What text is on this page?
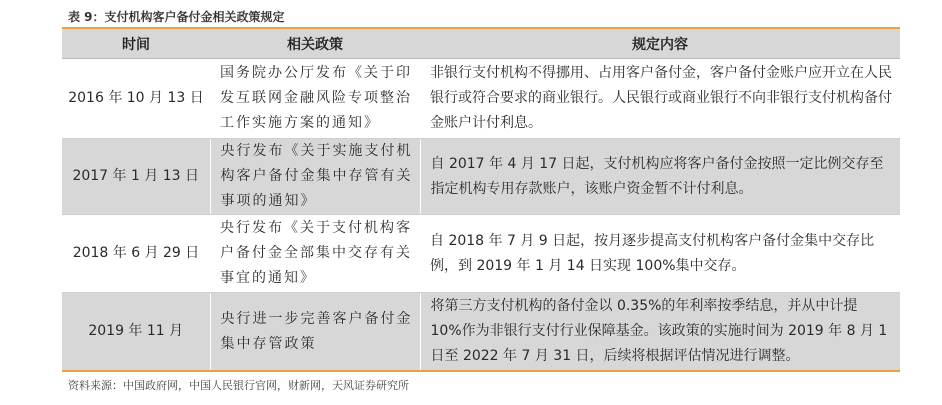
表 9：支付机构客户备付金相关政策规定
时间	相关政策	规定内容
2016 年 10 月 13 日	国务院办公厅发布《关于印发互联网金融风险专项整治工作实施方案的通知》	非银行支付机构不得挪用、占用客户备付金，客户备付金账户应开立在人民银行或符合要求的商业银行。人民银行或商业银行不向非银行支付机构备付金账户计付利息。
2017 年 1 月 13 日	央行发布《关于实施支付机构客户备付金集中存管有关事项的通知》	自 2017 年 4 月 17 日起，支付机构应将客户备付金按照一定比例交存至指定机构专用存款账户，该账户资金暂不计付利息。
2018 年 6 月 29 日	央行发布《关于支付机构客户备付金全部集中交存有关事宜的通知》	自 2018 年 7 月 9 日起，按月逐步提高支付机构客户备付金集中交存比例，到 2019 年 1 月 14 日实现 100%集中交存。
2019 年 11 月	央行进一步完善客户备付金集中存管政策	将第三方支付机构的备付金以 0.35%的年利率按季结息，并从中计提 10%作为非银行支付行业保障基金。该政策的实施时间为 2019 年 8 月 1 日至 2022 年 7 月 31 日，后续将根据评估情况进行调整。
资料来源：中国政府网，中国人民银行官网，财新网，天风证券研究所
